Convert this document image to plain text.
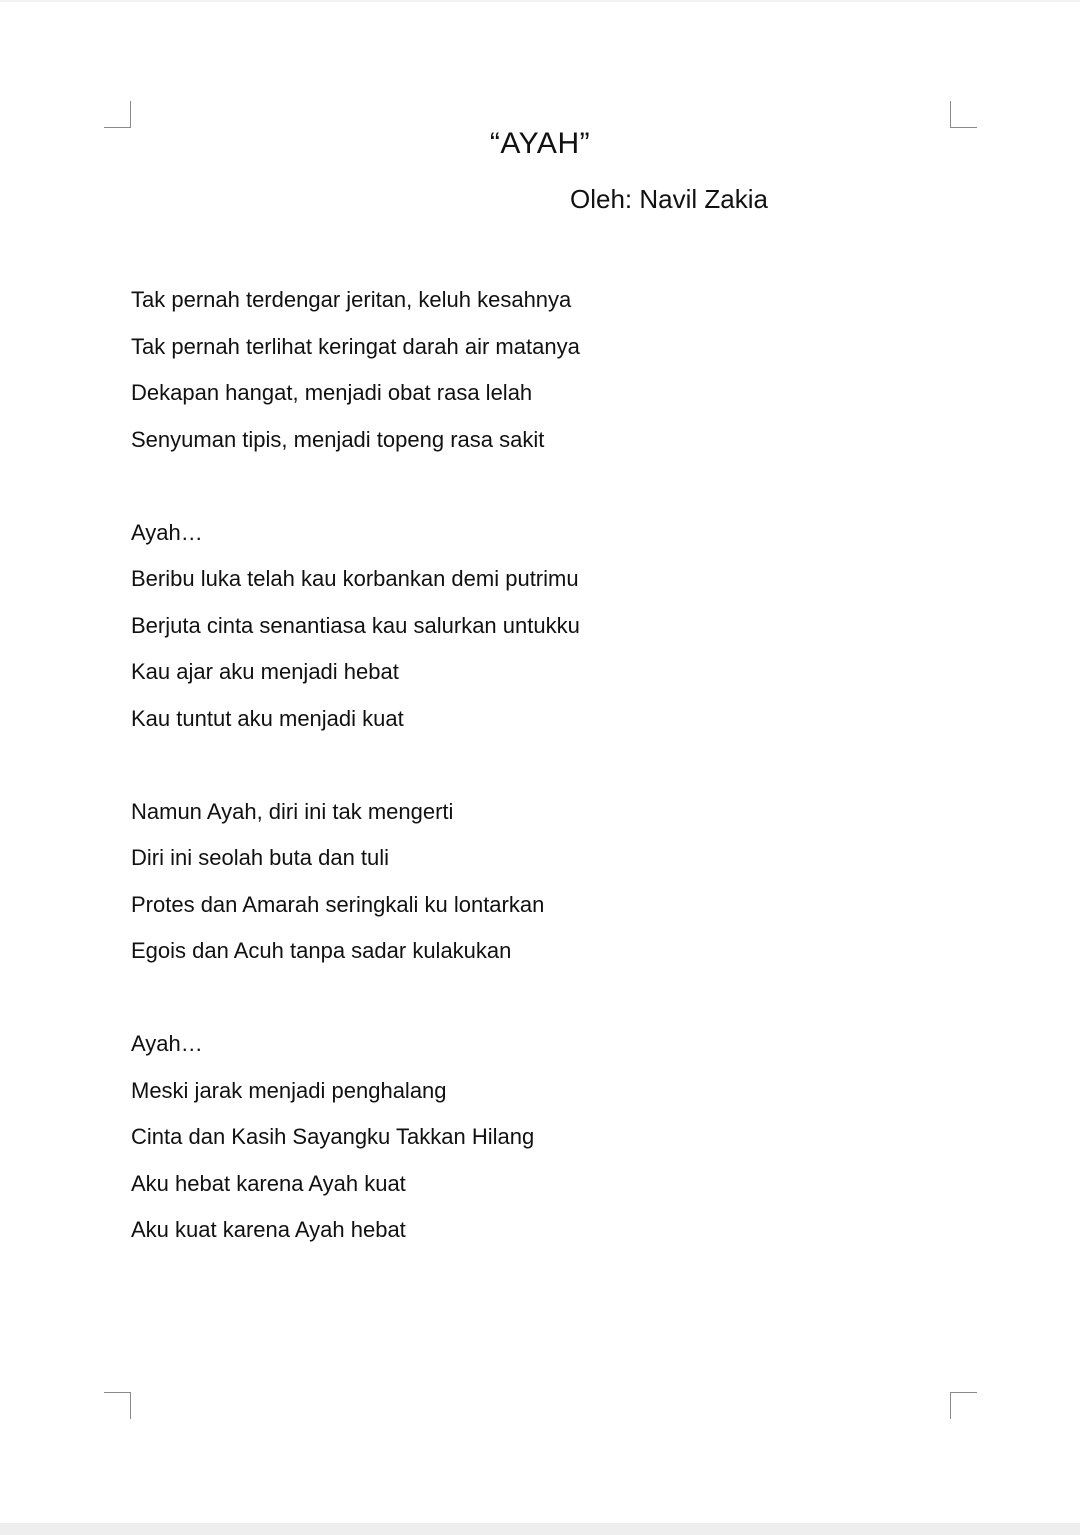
“AYAH”
Oleh: Navil Zakia
Tak pernah terdengar jeritan, keluh kesahnya
Tak pernah terlihat keringat darah air matanya
Dekapan hangat, menjadi obat rasa lelah
Senyuman tipis, menjadi topeng rasa sakit
Ayah…
Beribu luka telah kau korbankan demi putrimu
Berjuta cinta senantiasa kau salurkan untukku
Kau ajar aku menjadi hebat
Kau tuntut aku menjadi kuat
Namun Ayah, diri ini tak mengerti
Diri ini seolah buta dan tuli
Protes dan Amarah seringkali ku lontarkan
Egois dan Acuh tanpa sadar kulakukan
Ayah…
Meski jarak menjadi penghalang
Cinta dan Kasih Sayangku Takkan Hilang
Aku hebat karena Ayah kuat
Aku kuat karena Ayah hebat
